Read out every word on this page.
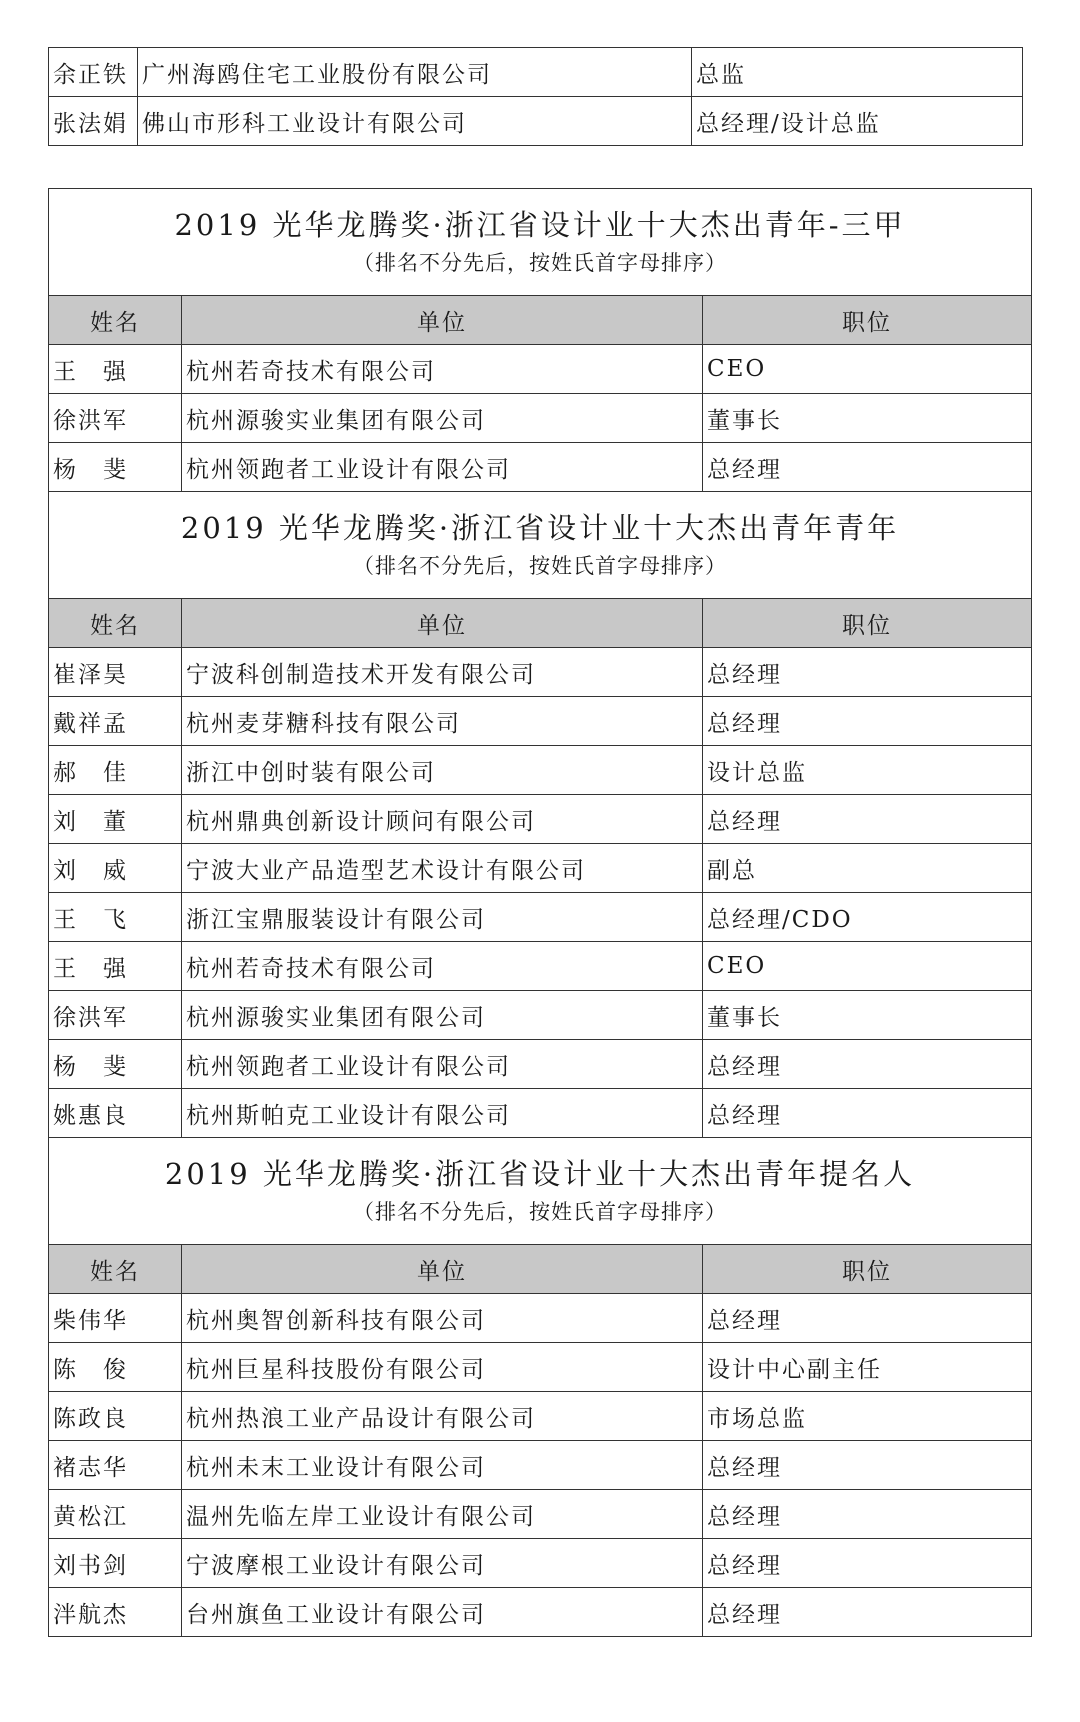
余正铁	广州海鸥住宅工业股份有限公司	总监
张法娟	佛山市形科工业设计有限公司	总经理/设计总监
2019 光华龙腾奖·浙江省设计业十大杰出青年-三甲		
（排名不分先后，按姓氏首字母排序）		
姓名	单位	职位
王　强	杭州若奇技术有限公司	CEO
徐洪军	杭州源骏实业集团有限公司	董事长
杨　斐	杭州领跑者工业设计有限公司	总经理
2019 光华龙腾奖·浙江省设计业十大杰出青年青年		
（排名不分先后，按姓氏首字母排序）		
姓名	单位	职位
崔泽昊	宁波科创制造技术开发有限公司	总经理
戴祥孟	杭州麦芽糖科技有限公司	总经理
郝　佳	浙江中创时装有限公司	设计总监
刘　董	杭州鼎典创新设计顾问有限公司	总经理
刘　威	宁波大业产品造型艺术设计有限公司	副总
王　飞	浙江宝鼎服装设计有限公司	总经理/CDO
王　强	杭州若奇技术有限公司	CEO
徐洪军	杭州源骏实业集团有限公司	董事长
杨　斐	杭州领跑者工业设计有限公司	总经理
姚惠良	杭州斯帕克工业设计有限公司	总经理
2019 光华龙腾奖·浙江省设计业十大杰出青年提名人		
（排名不分先后，按姓氏首字母排序）		
姓名	单位	职位
柴伟华	杭州奥智创新科技有限公司	总经理
陈　俊	杭州巨星科技股份有限公司	设计中心副主任
陈政良	杭州热浪工业产品设计有限公司	市场总监
褚志华	杭州未末工业设计有限公司	总经理
黄松江	温州先临左岸工业设计有限公司	总经理
刘书剑	宁波摩根工业设计有限公司	总经理
泮航杰	台州旗鱼工业设计有限公司	总经理
